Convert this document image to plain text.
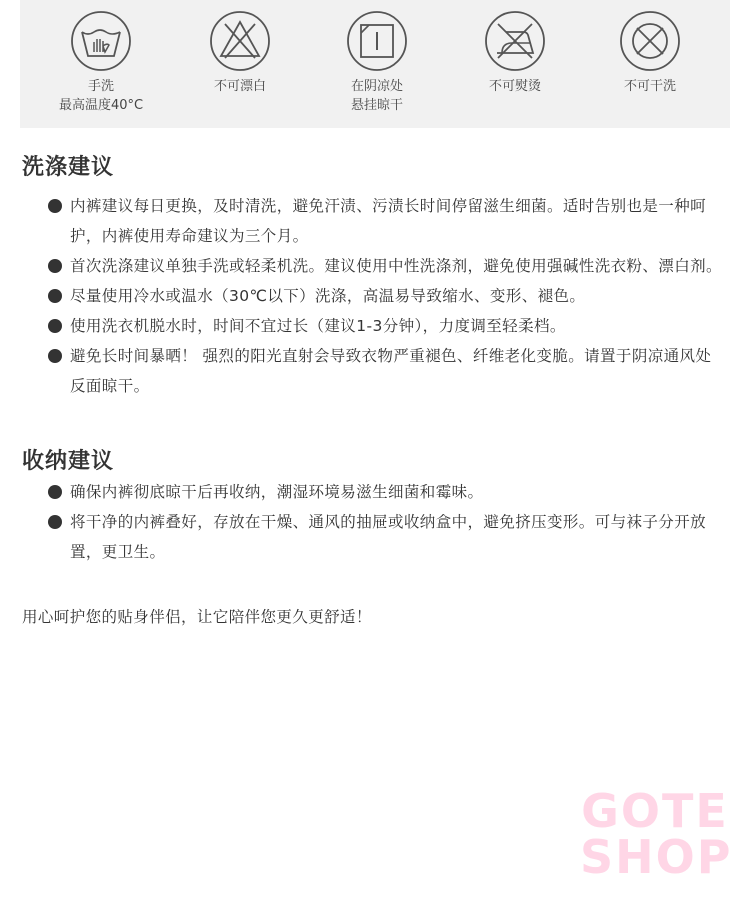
手洗
最高温度40°C
不可漂白	在阴凉处
悬挂晾干
不可熨烫	不可干洗
洗涤建议
内裤建议每日更换，及时清洗，避免汗渍、污渍长时间停留滋生细菌。适时告别也是一种呵护，内裤使用寿命建议为三个月。
首次洗涤建议单独手洗或轻柔机洗。建议使用中性洗涤剂，避免使用强碱性洗衣粉、漂白剂。
尽量使用冷水或温水（30℃以下）洗涤，高温易导致缩水、变形、褪色。
使用洗衣机脱水时，时间不宜过长（建议1-3分钟），力度调至轻柔档。
避免长时间暴晒！ 强烈的阳光直射会导致衣物严重褪色、纤维老化变脆。请置于阴凉通风处反面晾干。
收纳建议
确保内裤彻底晾干后再收纳，潮湿环境易滋生细菌和霉味。
将干净的内裤叠好，存放在干燥、通风的抽屉或收纳盒中，避免挤压变形。可与袜子分开放置，更卫生。

用心呵护您的贴身伴侣，让它陪伴您更久更舒适！

GOTE
SHOP
